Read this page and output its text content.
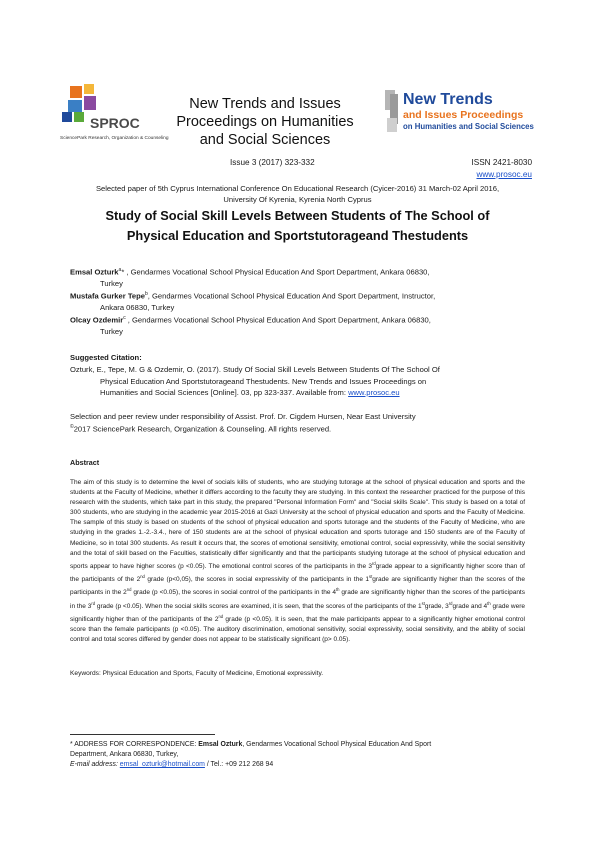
SPROC
SciencePark Research, Organization & Counseling
New Trends and Issues
Proceedings on Humanities
and Social Sciences
New Trends
and Issues Proceedings
on Humanities and Social Sciences
Issue 3 (2017) 323-332	ISSN 2421-8030
www.prosoc.eu
Selected paper of 5th Cyprus International Conference On Educational Research (Cyicer-2016) 31 March-02 April 2016,
University Of Kyrenia, Kyrenia North Cyprus
Study of Social Skill Levels Between Students of The School of
Physical Education and Sportstutorageand Thestudents
Emsal Ozturk$^a$* , Gendarmes Vocational School Physical Education And Sport Department, Ankara 06830,
Turkey
Mustafa Gurker Tepe$^b$, Gendarmes Vocational School Physical Education And Sport Department, Instructor,
Ankara 06830, Turkey
Olcay Ozdemir$^c$ , Gendarmes Vocational School Physical Education And Sport Department, Ankara 06830,
Turkey
Suggested Citation:
Ozturk, E., Tepe, M. G & Ozdemir, O. (2017). Study Of Social Skill Levels Between Students Of The School Of
Physical Education And Sportstutorageand Thestudents. New Trends and Issues Proceedings on
Humanities and Social Sciences [Online]. 03, pp 323-337. Available from: www.prosoc.eu
Selection and peer review under responsibility of Assist. Prof. Dr. Cigdem Hursen, Near East University
©2017 SciencePark Research, Organization & Counseling. All rights reserved.
Abstract

The aim of this study is to determine the level of socials kills of students, who are studying tutorage at the school of physical education and sports and the students at the Faculty of Medicine, whether it differs according to the faculty they are studying. In this context the researcher practiced for the purpose of this research with the students, which take part in this study, the prepared "Personal Information Form" and "Social skills Scale". This study is based on a total of 300 students, who are studying in the academic year 2015-2016 at Gazi University at the school of physical education and sports and the Faculty of Medicine. The sample of this study is based on students of the school of physical education and sports tutorage and the students of the Faculty of Medicine, who are studying in the grades 1.-2.-3.4., here of 150 students are at the school of physical education and sports tutorage and 150 students are of the Faculty of Medicine, so in total 300 students. As result it occurs that, the scores of emotional sensitivity, emotional control, social expressivity, while the social sensitivity and the total of skill based on the Faculties, statistically differ significantly and that the participants studying tutorage at the school of physical education and sports appear to have higher scores (p <0.05). The emotional control scores of the participants in the 3rdgrade appear to a significantly higher score than of the participants of the 2nd grade (p<0,05), the scores in social expressivity of the participants in the 1stgrade are significantly higher than the scores of the participants in the 2nd grade (p <0.05), the scores in social control of the participants in the 4th grade are significantly higher than the scores of the participants in the 3rd grade (p <0.05). When the social skills scores are examined, it is seen, that the scores of the participants of the 1stgrade, 3rdgrade and 4th grade were significantly higher than of the participants of the 2nd grade (p <0.05). It is seen, that the male participants appear to a significantly higher emotional control score than the female participants (p <0.05). The auditory discrimination, emotional sensitivity, social expressivity, social sensitivity, and the ability of social control and total scores differed by gender does not appear to be statistically significant (p> 0.05).

Keywords: Physical Education and Sports, Faculty of Medicine, Emotional expressivity.
* ADDRESS FOR CORRESPONDENCE: Emsal Ozturk, Gendarmes Vocational School Physical Education And Sport
Department, Ankara 06830, Turkey,
E-mail address: emsal_ozturk@hotmail.com / Tel.: +09 212 268 94
